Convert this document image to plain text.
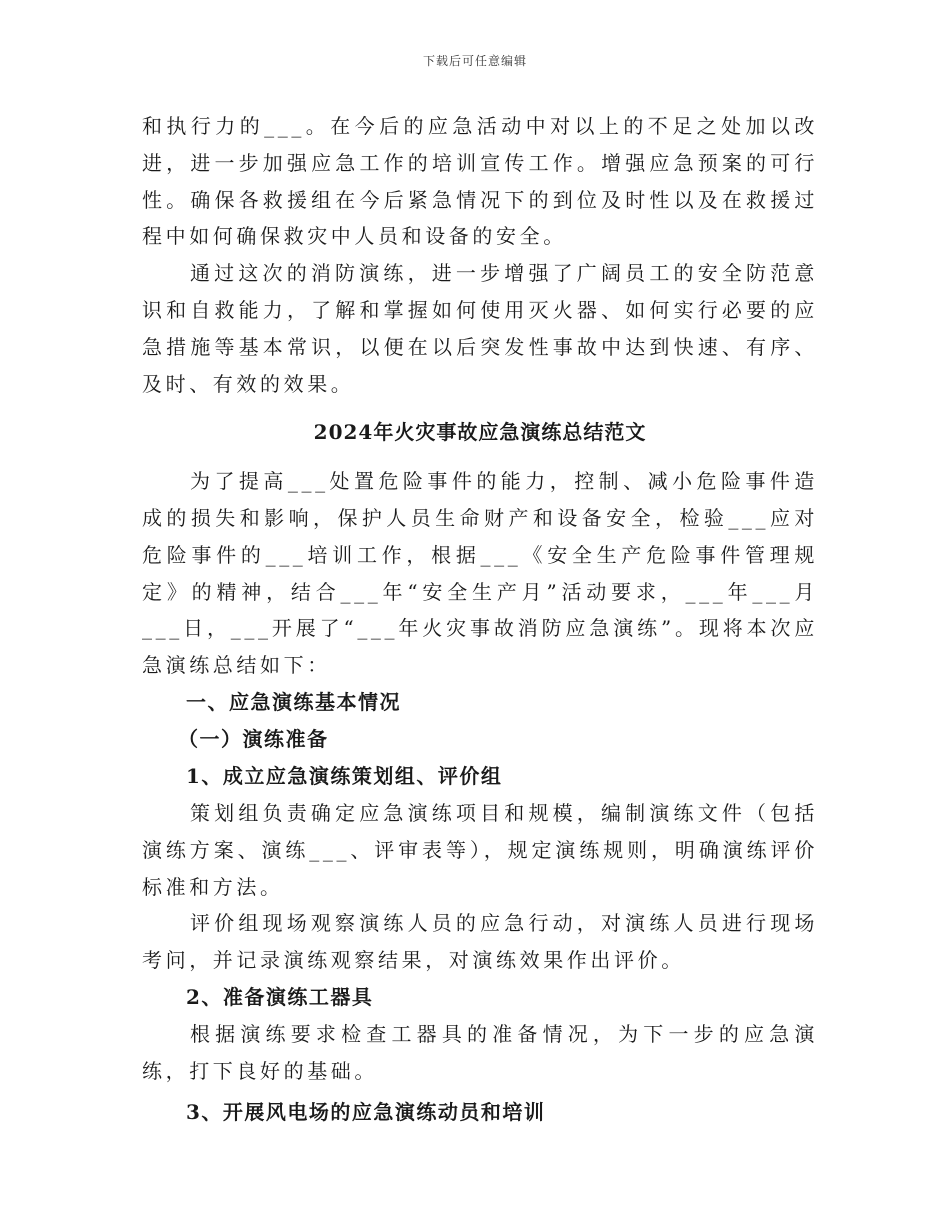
下载后可任意编辑

和执行力的___。在今后的应急活动中对以上的不足之处加以改进，进一步加强应急工作的培训宣传工作。增强应急预案的可行性。确保各救援组在今后紧急情况下的到位及时性以及在救援过程中如何确保救灾中人员和设备的安全。

通过这次的消防演练，进一步增强了广阔员工的安全防范意识和自救能力，了解和掌握如何使用灭火器、如何实行必要的应急措施等基本常识，以便在以后突发性事故中达到快速、有序、及时、有效的效果。

2024年火灾事故应急演练总结范文

为了提高___处置危险事件的能力，控制、减小危险事件造成的损失和影响，保护人员生命财产和设备安全，检验___应对危险事件的___培训工作，根据___《安全生产危险事件管理规定》的精神，结合___年“安全生产月”活动要求，___年___月___日，___开展了“___年火灾事故消防应急演练”。现将本次应急演练总结如下：

一、应急演练基本情况
（一）演练准备
1、成立应急演练策划组、评价组

策划组负责确定应急演练项目和规模，编制演练文件（包括演练方案、演练___、评审表等），规定演练规则，明确演练评价标准和方法。

评价组现场观察演练人员的应急行动，对演练人员进行现场考问，并记录演练观察结果，对演练效果作出评价。

2、准备演练工器具

根据演练要求检查工器具的准备情况，为下一步的应急演练，打下良好的基础。

3、开展风电场的应急演练动员和培训
